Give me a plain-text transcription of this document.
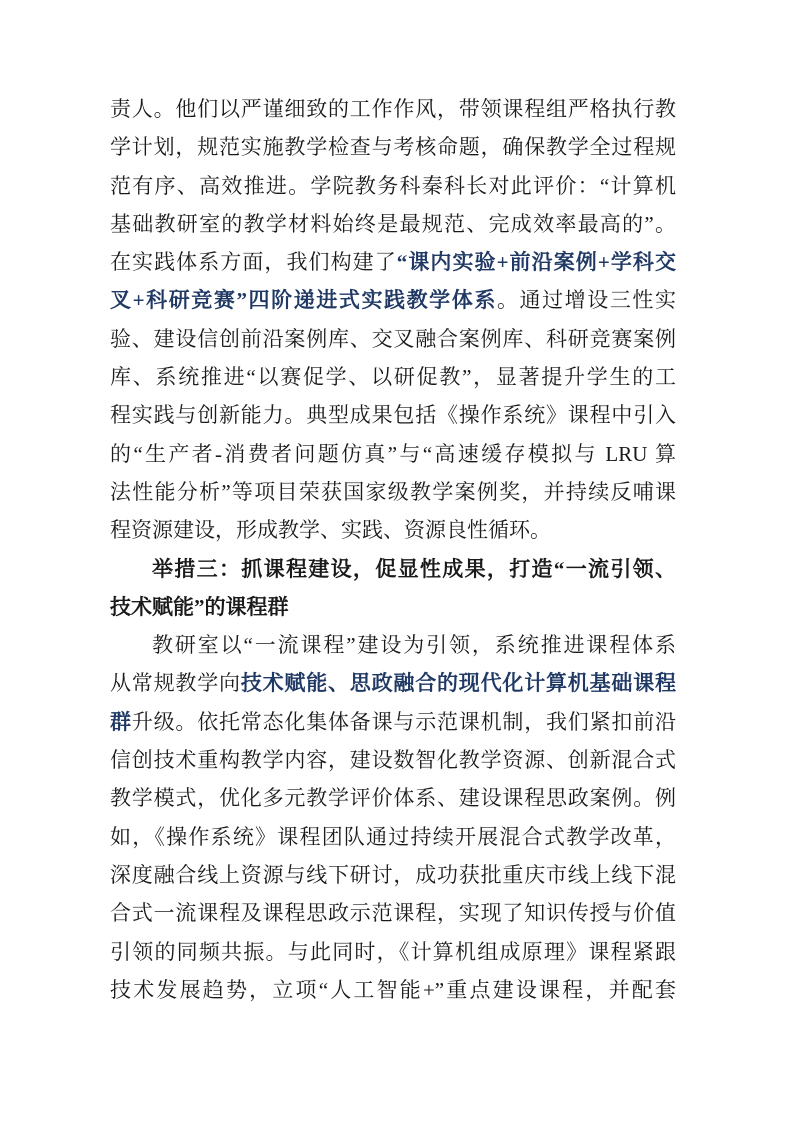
责人。他们以严谨细致的工作作风，带领课程组严格执行教
学计划，规范实施教学检查与考核命题，确保教学全过程规
范有序、高效推进。学院教务科秦科长对此评价：“计算机
基础教研室的教学材料始终是最规范、完成效率最高的”。
在实践体系方面，我们构建了“课内实验+前沿案例+学科交
叉+科研竞赛”四阶递进式实践教学体系。通过增设三性实
验、建设信创前沿案例库、交叉融合案例库、科研竞赛案例
库、系统推进“以赛促学、以研促教”，显著提升学生的工
程实践与创新能力。典型成果包括《操作系统》课程中引入
的“生产者-消费者问题仿真”与“高速缓存模拟与 LRU 算
法性能分析”等项目荣获国家级教学案例奖，并持续反哺课
程资源建设，形成教学、实践、资源良性循环。
举措三：抓课程建设，促显性成果，打造“一流引领、
技术赋能”的课程群
教研室以“一流课程”建设为引领，系统推进课程体系
从常规教学向技术赋能、思政融合的现代化计算机基础课程
群升级。依托常态化集体备课与示范课机制，我们紧扣前沿
信创技术重构教学内容，建设数智化教学资源、创新混合式
教学模式，优化多元教学评价体系、建设课程思政案例。例
如，《操作系统》课程团队通过持续开展混合式教学改革，
深度融合线上资源与线下研讨，成功获批重庆市线上线下混
合式一流课程及课程思政示范课程，实现了知识传授与价值
引领的同频共振。与此同时，《计算机组成原理》课程紧跟
技术发展趋势，立项“人工智能+”重点建设课程，并配套
